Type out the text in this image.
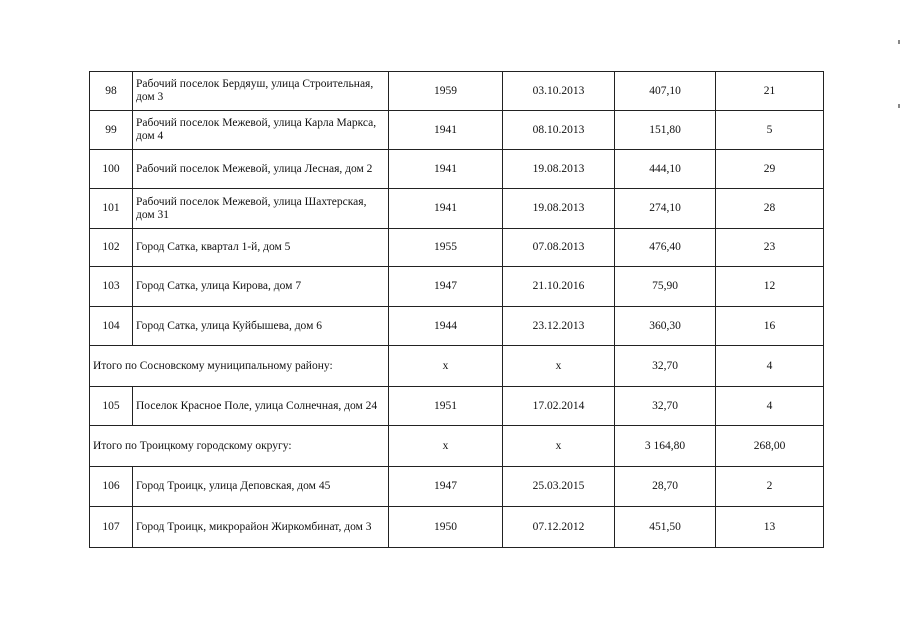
98	Рабочий поселок Бердяуш, улица Строительная, дом 3	1959	03.10.2013	407,10	21
99	Рабочий поселок Межевой, улица Карла Маркса, дом 4	1941	08.10.2013	151,80	5
100	Рабочий поселок Межевой, улица Лесная, дом 2	1941	19.08.2013	444,10	29
101	Рабочий поселок Межевой, улица Шахтерская, дом 31	1941	19.08.2013	274,10	28
102	Город Сатка, квартал 1-й, дом 5	1955	07.08.2013	476,40	23
103	Город Сатка, улица Кирова, дом 7	1947	21.10.2016	75,90	12
104	Город Сатка, улица Куйбышева, дом 6	1944	23.12.2013	360,30	16
Итого по Сосновскому муниципальному району:		х	х	32,70	4
105	Поселок Красное Поле, улица Солнечная, дом 24	1951	17.02.2014	32,70	4
Итого по Троицкому городскому округу:		х	х	3 164,80	268,00
106	Город Троицк, улица Деповская, дом 45	1947	25.03.2015	28,70	2
107	Город Троицк, микрорайон Жиркомбинат, дом 3	1950	07.12.2012	451,50	13
